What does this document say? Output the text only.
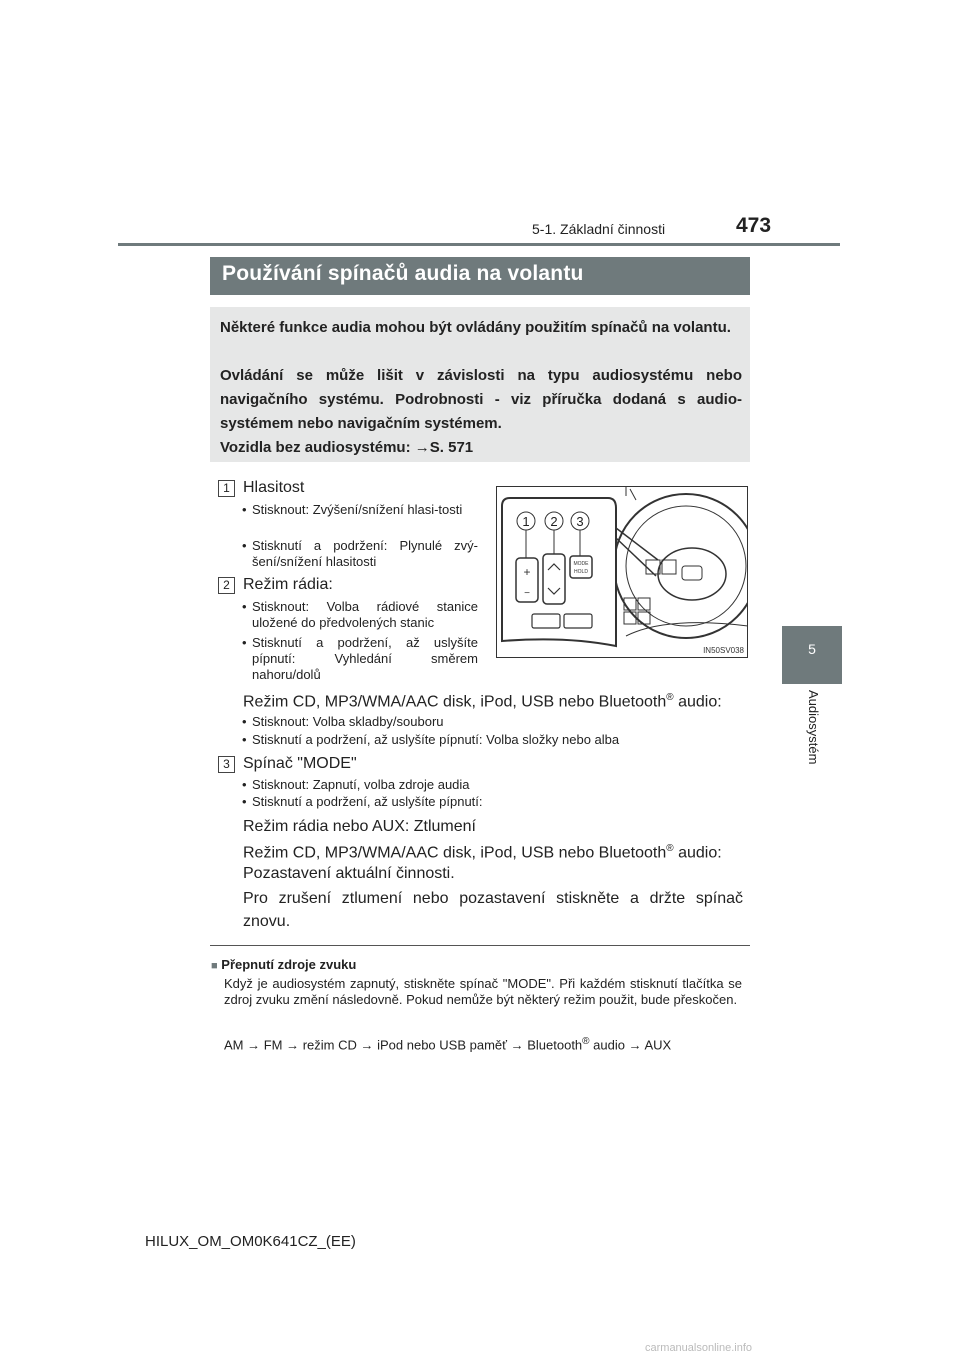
5-1. Základní činnosti	473
5
Audiosystém
Používání spínačů audia na volantu
Některé funkce audia mohou být ovládány použitím spínačů na volantu.
Ovládání se může lišit v závislosti na typu audiosystému nebo navigačního systému. Podrobnosti - viz příručka dodaná s audio-systémem nebo navigačním systémem.
Vozidla bez audiosystému: →S. 571
1 Hlasitost
• Stisknout: Zvýšení/snížení hlasi-tosti
• Stisknutí a podržení: Plynulé zvý-šení/snížení hlasitosti
2 Režim rádia:
• Stisknout: Volba rádiové stanice uložené do předvolených stanic
• Stisknutí a podržení, až uslyšíte pípnutí: Vyhledání směrem nahoru/dolů
Režim CD, MP3/WMA/AAC disk, iPod, USB nebo Bluetooth® audio:
• Stisknout: Volba skladby/souboru
• Stisknutí a podržení, až uslyšíte pípnutí: Volba složky nebo alba
3 Spínač "MODE"
• Stisknout: Zapnutí, volba zdroje audia
• Stisknutí a podržení, až uslyšíte pípnutí:
Režim rádia nebo AUX: Ztlumení
Režim CD, MP3/WMA/AAC disk, iPod, USB nebo Bluetooth® audio:
Pozastavení aktuální činnosti.
Pro zrušení ztlumení nebo pozastavení stiskněte a držte spínač
znovu.
+
−
MODE
HOLD
1 2 3
IN50SV038
■ Přepnutí zdroje zvuku
Když je audiosystém zapnutý, stiskněte spínač "MODE". Při každém stisknutí tlačítka se zdroj zvuku změní následovně. Pokud nemůže být některý režim použit, bude přeskočen.
AM → FM → režim CD → iPod nebo USB paměť → Bluetooth® audio → AUX
HILUX_OM_OM0K641CZ_(EE)
carmanualsonline.info
